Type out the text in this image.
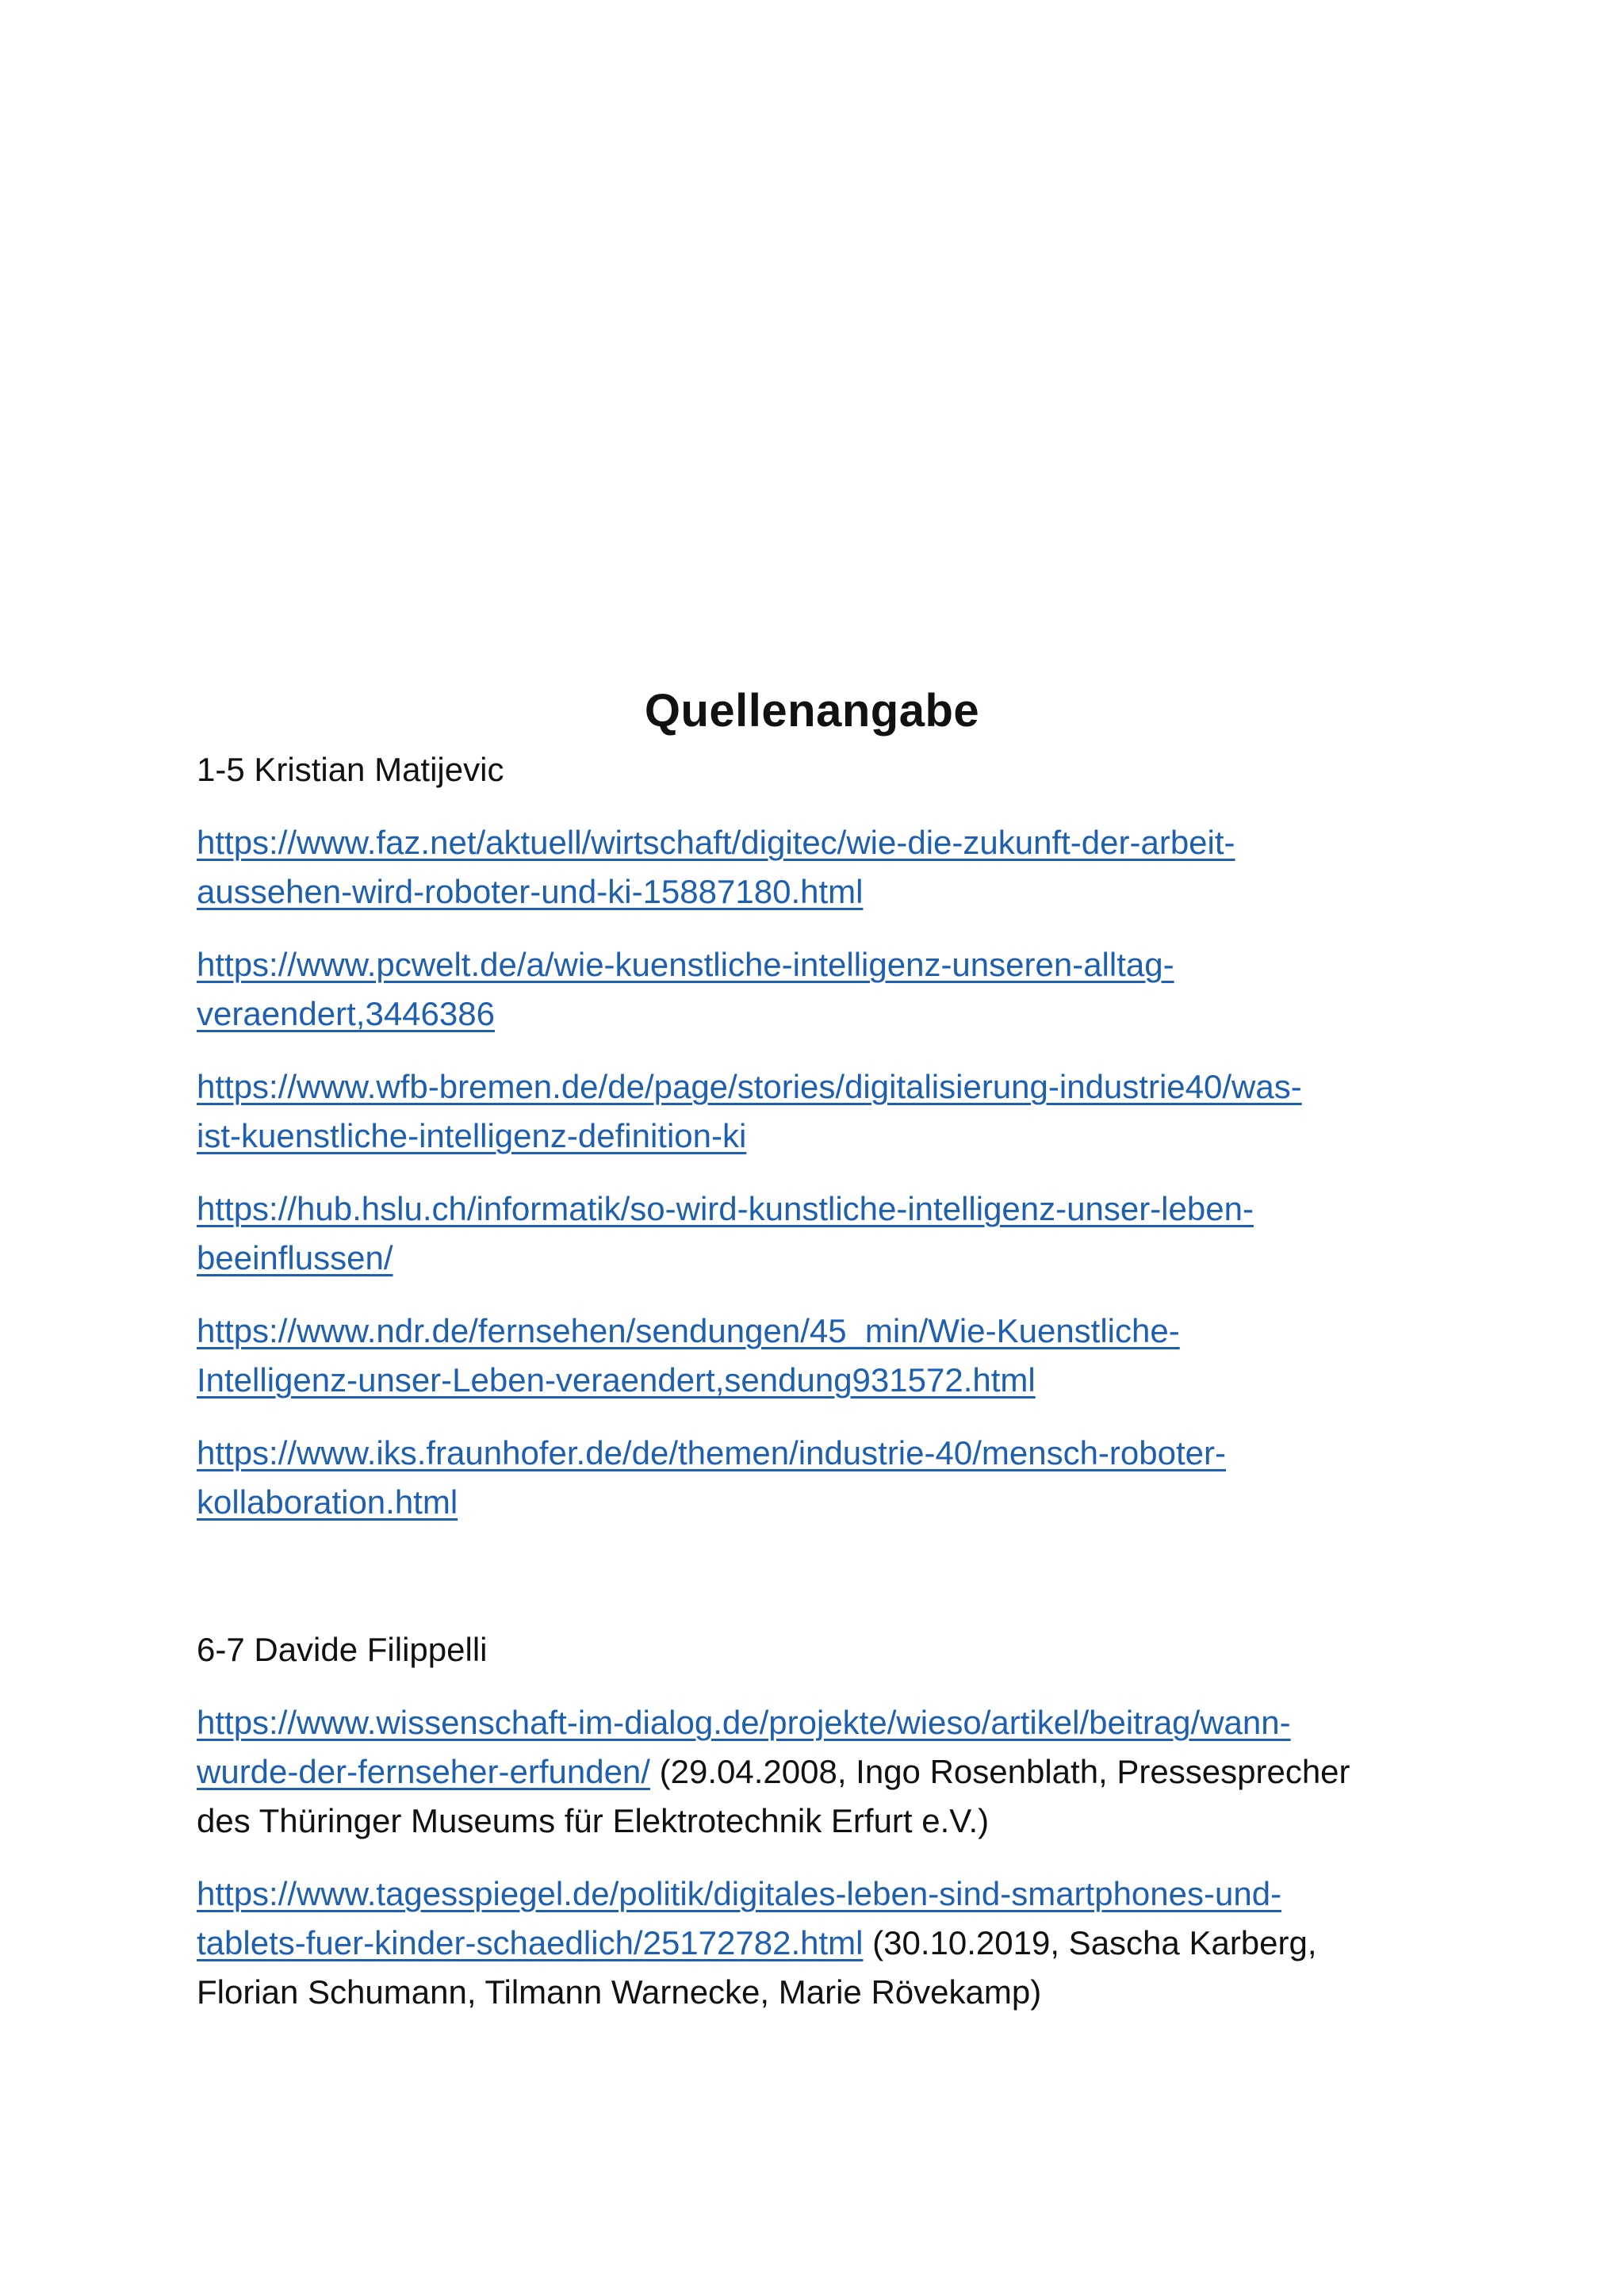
Quellenangabe

1-5 Kristian Matijevic

https://www.faz.net/aktuell/wirtschaft/digitec/wie-die-zukunft-der-arbeit-
aussehen-wird-roboter-und-ki-15887180.html

https://www.pcwelt.de/a/wie-kuenstliche-intelligenz-unseren-alltag-
veraendert,3446386

https://www.wfb-bremen.de/de/page/stories/digitalisierung-industrie40/was-
ist-kuenstliche-intelligenz-definition-ki

https://hub.hslu.ch/informatik/so-wird-kunstliche-intelligenz-unser-leben-
beeinflussen/

https://www.ndr.de/fernsehen/sendungen/45_min/Wie-Kuenstliche-
Intelligenz-unser-Leben-veraendert,sendung931572.html

https://www.iks.fraunhofer.de/de/themen/industrie-40/mensch-roboter-
kollaboration.html

6-7 Davide Filippelli

https://www.wissenschaft-im-dialog.de/projekte/wieso/artikel/beitrag/wann-
wurde-der-fernseher-erfunden/ (29.04.2008, Ingo Rosenblath, Pressesprecher
des Thüringer Museums für Elektrotechnik Erfurt e.V.)

https://www.tagesspiegel.de/politik/digitales-leben-sind-smartphones-und-
tablets-fuer-kinder-schaedlich/25172782.html (30.10.2019, Sascha Karberg,
Florian Schumann, Tilmann Warnecke, Marie Rövekamp)
